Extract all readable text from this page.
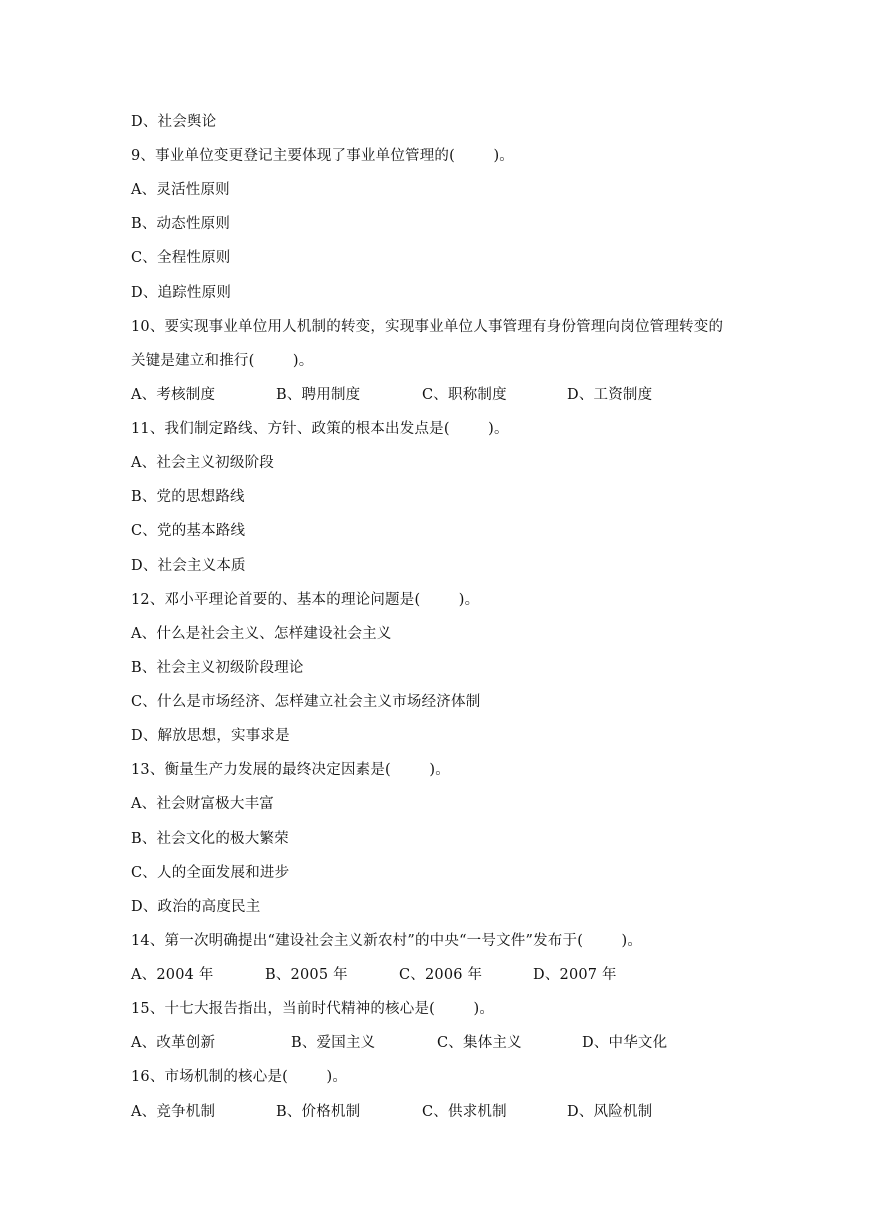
D、社会舆论
9、事业单位变更登记主要体现了事业单位管理的(        )。
A、灵活性原则
B、动态性原则
C、全程性原则
D、追踪性原则
10、要实现事业单位用人机制的转变，实现事业单位人事管理有身份管理向岗位管理转变的
关键是建立和推行(        )。
A、考核制度	B、聘用制度	C、职称制度	D、工资制度
11、我们制定路线、方针、政策的根本出发点是(        )。
A、社会主义初级阶段
B、党的思想路线
C、党的基本路线
D、社会主义本质
12、邓小平理论首要的、基本的理论问题是(        )。
A、什么是社会主义、怎样建设社会主义
B、社会主义初级阶段理论
C、什么是市场经济、怎样建立社会主义市场经济体制
D、解放思想，实事求是
13、衡量生产力发展的最终决定因素是(        )。
A、社会财富极大丰富
B、社会文化的极大繁荣
C、人的全面发展和进步
D、政治的高度民主
14、第一次明确提出“建设社会主义新农村”的中央“一号文件”发布于(        )。
A、2004 年	B、2005 年	C、2006 年	D、2007 年
15、十七大报告指出，当前时代精神的核心是(        )。
A、改革创新	B、爱国主义	C、集体主义	D、中华文化
16、市场机制的核心是(        )。
A、竞争机制	B、价格机制	C、供求机制	D、风险机制
